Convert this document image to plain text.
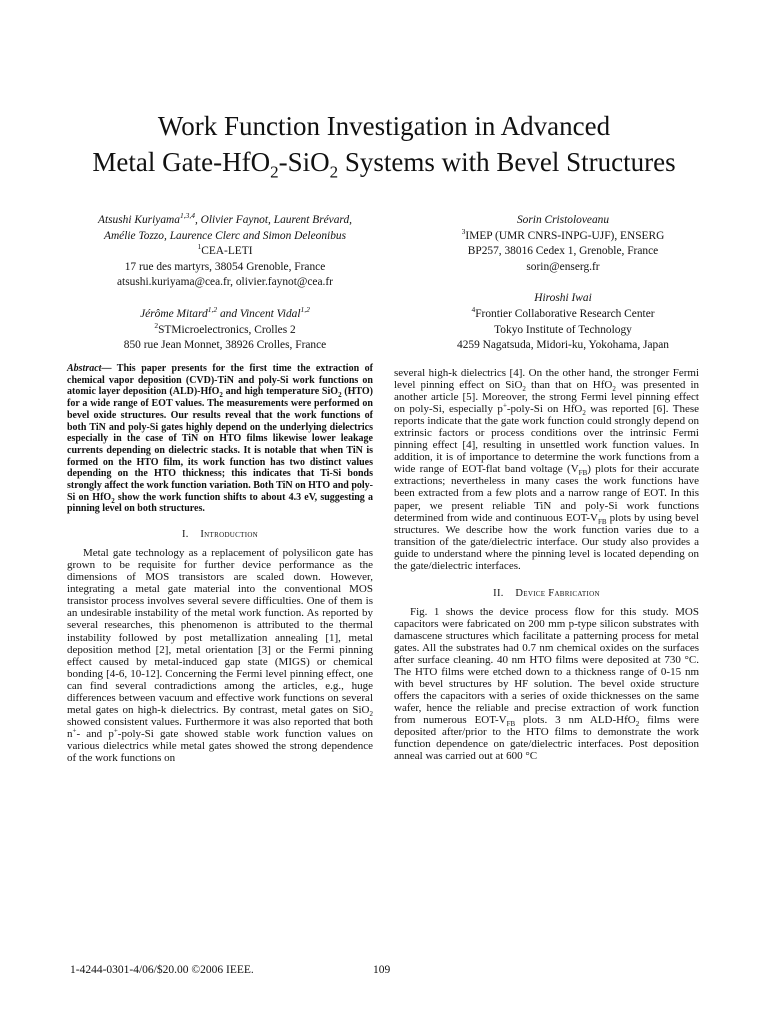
Work Function Investigation in Advanced
Metal Gate-HfO$_2$-SiO$_2$ Systems with Bevel Structures
Atsushi Kuriyama$^{1,3,4}$, Olivier Faynot, Laurent Brévard,
Amélie Tozzo, Laurence Clerc and Simon Deleonibus
$^1$CEA-LETI
17 rue des martyrs, 38054 Grenoble, France
atsushi.kuriyama@cea.fr, olivier.faynot@cea.fr
Jérôme Mitard$^{1,2}$ and Vincent Vidal$^{1,2}$
$^2$STMicroelectronics, Crolles 2
850 rue Jean Monnet, 38926 Crolles, France
Sorin Cristoloveanu
$^3$IMEP (UMR CNRS-INPG-UJF), ENSERG
BP257, 38016 Cedex 1, Grenoble, France
sorin@enserg.fr
Hiroshi Iwai
$^4$Frontier Collaborative Research Center
Tokyo Institute of Technology
4259 Nagatsuda, Midori-ku, Yokohama, Japan
Abstract— This paper presents for the first time the extraction of chemical vapor deposition (CVD)-TiN and poly-Si work functions on atomic layer deposition (ALD)-HfO$_2$ and high temperature SiO$_2$ (HTO) for a wide range of EOT values. The measurements were performed on bevel oxide structures. Our results reveal that the work functions of both TiN and poly-Si gates highly depend on the underlying dielectrics especially in the case of TiN on HTO films likewise lower leakage currents depending on dielectric stacks. It is notable that when TiN is formed on the HTO film, its work function has two distinct values depending on the HTO thickness; this indicates that Ti-Si bonds strongly affect the work function variation. Both TiN on HTO and poly-Si on HfO$_2$ show the work function shifts to about 4.3 eV, suggesting a pinning level on both structures.
I. Introduction

Metal gate technology as a replacement of polysilicon gate has grown to be requisite for further device performance as the dimensions of MOS transistors are scaled down. However, integrating a metal gate material into the conventional MOS transistor process involves several severe difficulties. One of them is an undesirable instability of the metal work function. As reported by several researches, this phenomenon is attributed to the thermal instability followed by post metallization annealing [1], metal deposition method [2], metal orientation [3] or the Fermi pinning effect caused by metal-induced gap state (MIGS) or chemical bonding [4-6, 10-12]. Concerning the Fermi level pinning effect, one can find several contradictions among the articles, e.g., huge differences between vacuum and effective work functions on several metal gates on high-k dielectrics. By contrast, metal gates on SiO$_2$ showed consistent values. Furthermore it was also reported that both n+- and p+-poly-Si gate showed stable work function values on various dielectrics while metal gates showed the strong dependence of the work functions on

several high-k dielectrics [4]. On the other hand, the stronger Fermi level pinning effect on SiO$_2$ than that on HfO$_2$ was presented in another article [5]. Moreover, the strong Fermi level pinning effect on poly-Si, especially p+-poly-Si on HfO$_2$ was reported [6]. These reports indicate that the gate work function could strongly depend on extrinsic factors or process conditions over the intrinsic Fermi pinning effect [4], resulting in unsettled work function values. In addition, it is of importance to determine the work functions from a wide range of EOT-flat band voltage $(V_{FB})$ plots for their accurate extractions; nevertheless in many cases the work functions have been extracted from a few plots and a narrow range of EOT. In this paper, we present reliable TiN and poly-Si work functions determined from wide and continuous EOT-$V_{FB}$ plots by using bevel structures. We describe how the work function varies due to a transition of the gate/dielectric interface. Our study also provides a guide to understand where the pinning level is located depending on the gate/dielectric interfaces.

II. Device Fabrication

Fig. 1 shows the device process flow for this study. MOS capacitors were fabricated on 200 mm p-type silicon substrates with damascene structures which facilitate a patterning process for metal gates. All the substrates had 0.7 nm chemical oxides on the surfaces after surface cleaning. 40 nm HTO films were deposited at 730 °C. The HTO films were etched down to a thickness range of 0-15 nm with bevel structures by HF solution. The bevel oxide structure offers the capacitors with a series of oxide thicknesses on the same wafer, hence the reliable and precise extraction of work function from numerous EOT-$V_{FB}$ plots. 3 nm ALD-HfO$_2$ films were deposited after/prior to the HTO films to demonstrate the work function dependence on gate/dielectric interfaces. Post deposition anneal was carried out at 600 °C

1-4244-0301-4/06/$20.00 ©2006 IEEE.	109
